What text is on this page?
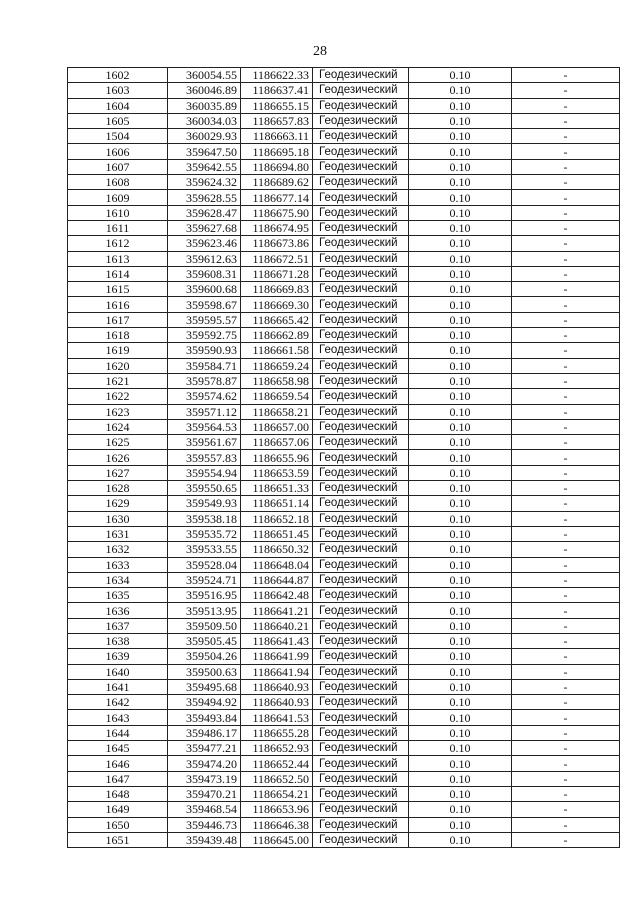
28
1602	360054.55	1186622.33	Геодезический	0.10	-
1603	360046.89	1186637.41	Геодезический	0.10	-
1604	360035.89	1186655.15	Геодезический	0.10	-
1605	360034.03	1186657.83	Геодезический	0.10	-
1504	360029.93	1186663.11	Геодезический	0.10	-
1606	359647.50	1186695.18	Геодезический	0.10	-
1607	359642.55	1186694.80	Геодезический	0.10	-
1608	359624.32	1186689.62	Геодезический	0.10	-
1609	359628.55	1186677.14	Геодезический	0.10	-
1610	359628.47	1186675.90	Геодезический	0.10	-
1611	359627.68	1186674.95	Геодезический	0.10	-
1612	359623.46	1186673.86	Геодезический	0.10	-
1613	359612.63	1186672.51	Геодезический	0.10	-
1614	359608.31	1186671.28	Геодезический	0.10	-
1615	359600.68	1186669.83	Геодезический	0.10	-
1616	359598.67	1186669.30	Геодезический	0.10	-
1617	359595.57	1186665.42	Геодезический	0.10	-
1618	359592.75	1186662.89	Геодезический	0.10	-
1619	359590.93	1186661.58	Геодезический	0.10	-
1620	359584.71	1186659.24	Геодезический	0.10	-
1621	359578.87	1186658.98	Геодезический	0.10	-
1622	359574.62	1186659.54	Геодезический	0.10	-
1623	359571.12	1186658.21	Геодезический	0.10	-
1624	359564.53	1186657.00	Геодезический	0.10	-
1625	359561.67	1186657.06	Геодезический	0.10	-
1626	359557.83	1186655.96	Геодезический	0.10	-
1627	359554.94	1186653.59	Геодезический	0.10	-
1628	359550.65	1186651.33	Геодезический	0.10	-
1629	359549.93	1186651.14	Геодезический	0.10	-
1630	359538.18	1186652.18	Геодезический	0.10	-
1631	359535.72	1186651.45	Геодезический	0.10	-
1632	359533.55	1186650.32	Геодезический	0.10	-
1633	359528.04	1186648.04	Геодезический	0.10	-
1634	359524.71	1186644.87	Геодезический	0.10	-
1635	359516.95	1186642.48	Геодезический	0.10	-
1636	359513.95	1186641.21	Геодезический	0.10	-
1637	359509.50	1186640.21	Геодезический	0.10	-
1638	359505.45	1186641.43	Геодезический	0.10	-
1639	359504.26	1186641.99	Геодезический	0.10	-
1640	359500.63	1186641.94	Геодезический	0.10	-
1641	359495.68	1186640.93	Геодезический	0.10	-
1642	359494.92	1186640.93	Геодезический	0.10	-
1643	359493.84	1186641.53	Геодезический	0.10	-
1644	359486.17	1186655.28	Геодезический	0.10	-
1645	359477.21	1186652.93	Геодезический	0.10	-
1646	359474.20	1186652.44	Геодезический	0.10	-
1647	359473.19	1186652.50	Геодезический	0.10	-
1648	359470.21	1186654.21	Геодезический	0.10	-
1649	359468.54	1186653.96	Геодезический	0.10	-
1650	359446.73	1186646.38	Геодезический	0.10	-
1651	359439.48	1186645.00	Геодезический	0.10	-
